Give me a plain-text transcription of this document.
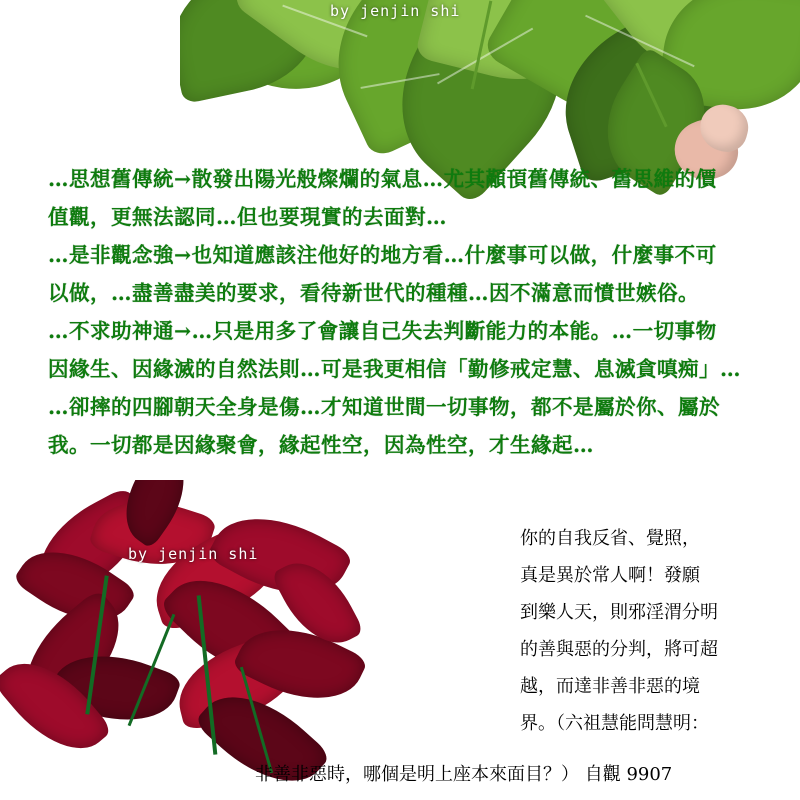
by jenjin shi

…思想舊傳統→散發出陽光般燦爛的氣息…尤其顢頇舊傳統、舊思維的價

值觀，更無法認同…但也要現實的去面對…

…是非觀念強→也知道應該注他好的地方看…什麼事可以做，什麼事不可

以做，…盡善盡美的要求，看待新世代的種種…因不滿意而憤世嫉俗。

…不求助神通→…只是用多了會讓自己失去判斷能力的本能。…一切事物

因緣生、因緣滅的自然法則…可是我更相信「勤修戒定慧、息滅貪嗔痴」…

…卻摔的四腳朝天全身是傷…才知道世間一切事物，都不是屬於你、屬於

我。一切都是因緣聚會，緣起性空，因為性空，才生緣起…

by jenjin shi

你的自我反省、覺照，

真是異於常人啊！發願

到樂人天，則邪淫渭分明

的善與惡的分判，將可超

越，而達非善非惡的境

界。（六祖慧能問慧明：

非善非惡時，哪個是明上座本來面目？） 自觀 9907
